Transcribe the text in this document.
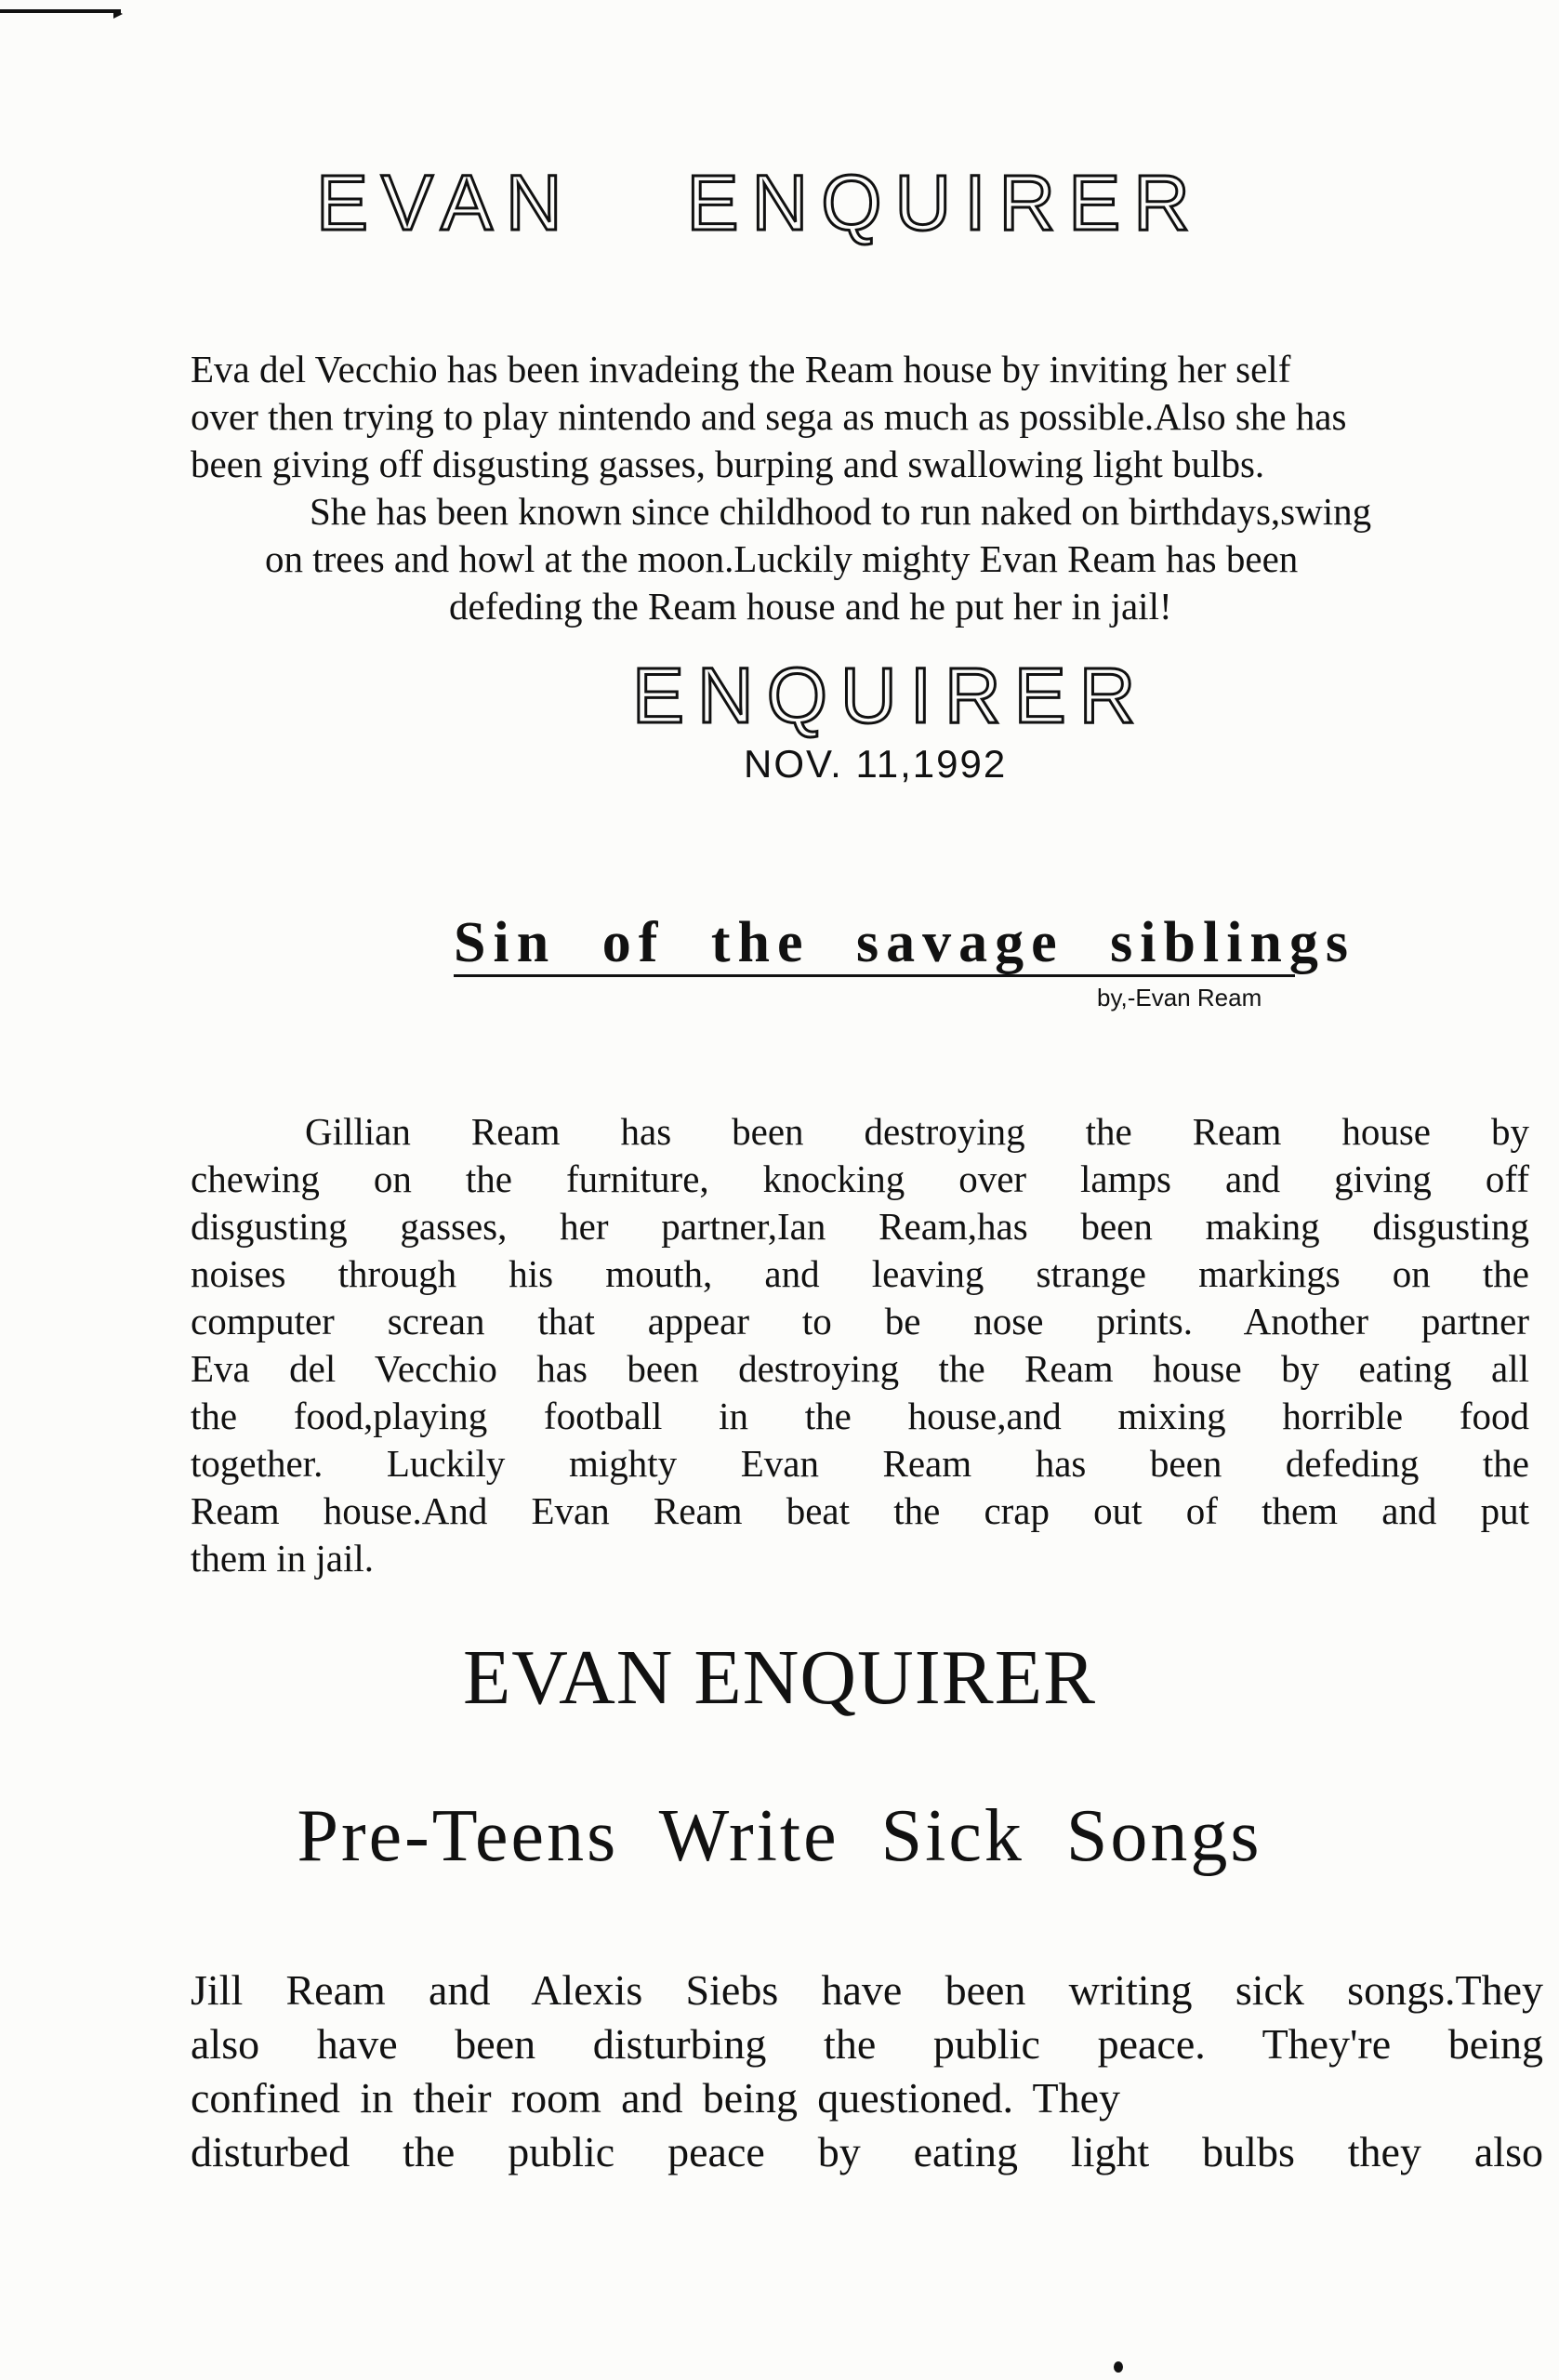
EVAN ENQUIRER

Eva del Vecchio has been invadeing the Ream house by inviting her self
over then trying to play nintendo and sega as much as possible.Also she has
been giving off disgusting gasses, burping and swallowing light bulbs.
She has been known since childhood to run naked on birthdays,swing
on trees and howl at the moon.Luckily mighty Evan Ream has been
defeding the Ream house and he put her in jail!

ENQUIRER
NOV. 11,1992
Sin of the savage siblings
by,-Evan Ream

Gillian Ream has been destroying the Ream house by
chewing on the furniture, knocking over lamps and giving off
disgusting gasses, her partner,Ian Ream,has been making disgusting
noises through his mouth, and leaving strange markings on the
computer screan that appear to be nose prints. Another partner
Eva del Vecchio has been destroying the Ream house by eating all
the food,playing football in the house,and mixing horrible food
together. Luckily mighty Evan Ream has been defeding the
Ream house.And Evan Ream beat the crap out of them and put
them in jail.

EVAN ENQUIRER
Pre-Teens Write Sick Songs

Jill Ream and Alexis Siebs have been writing sick songs.They
also have been disturbing the public peace. They're being
confined in their room and being questioned. They
disturbed the public peace by eating light bulbs they also
